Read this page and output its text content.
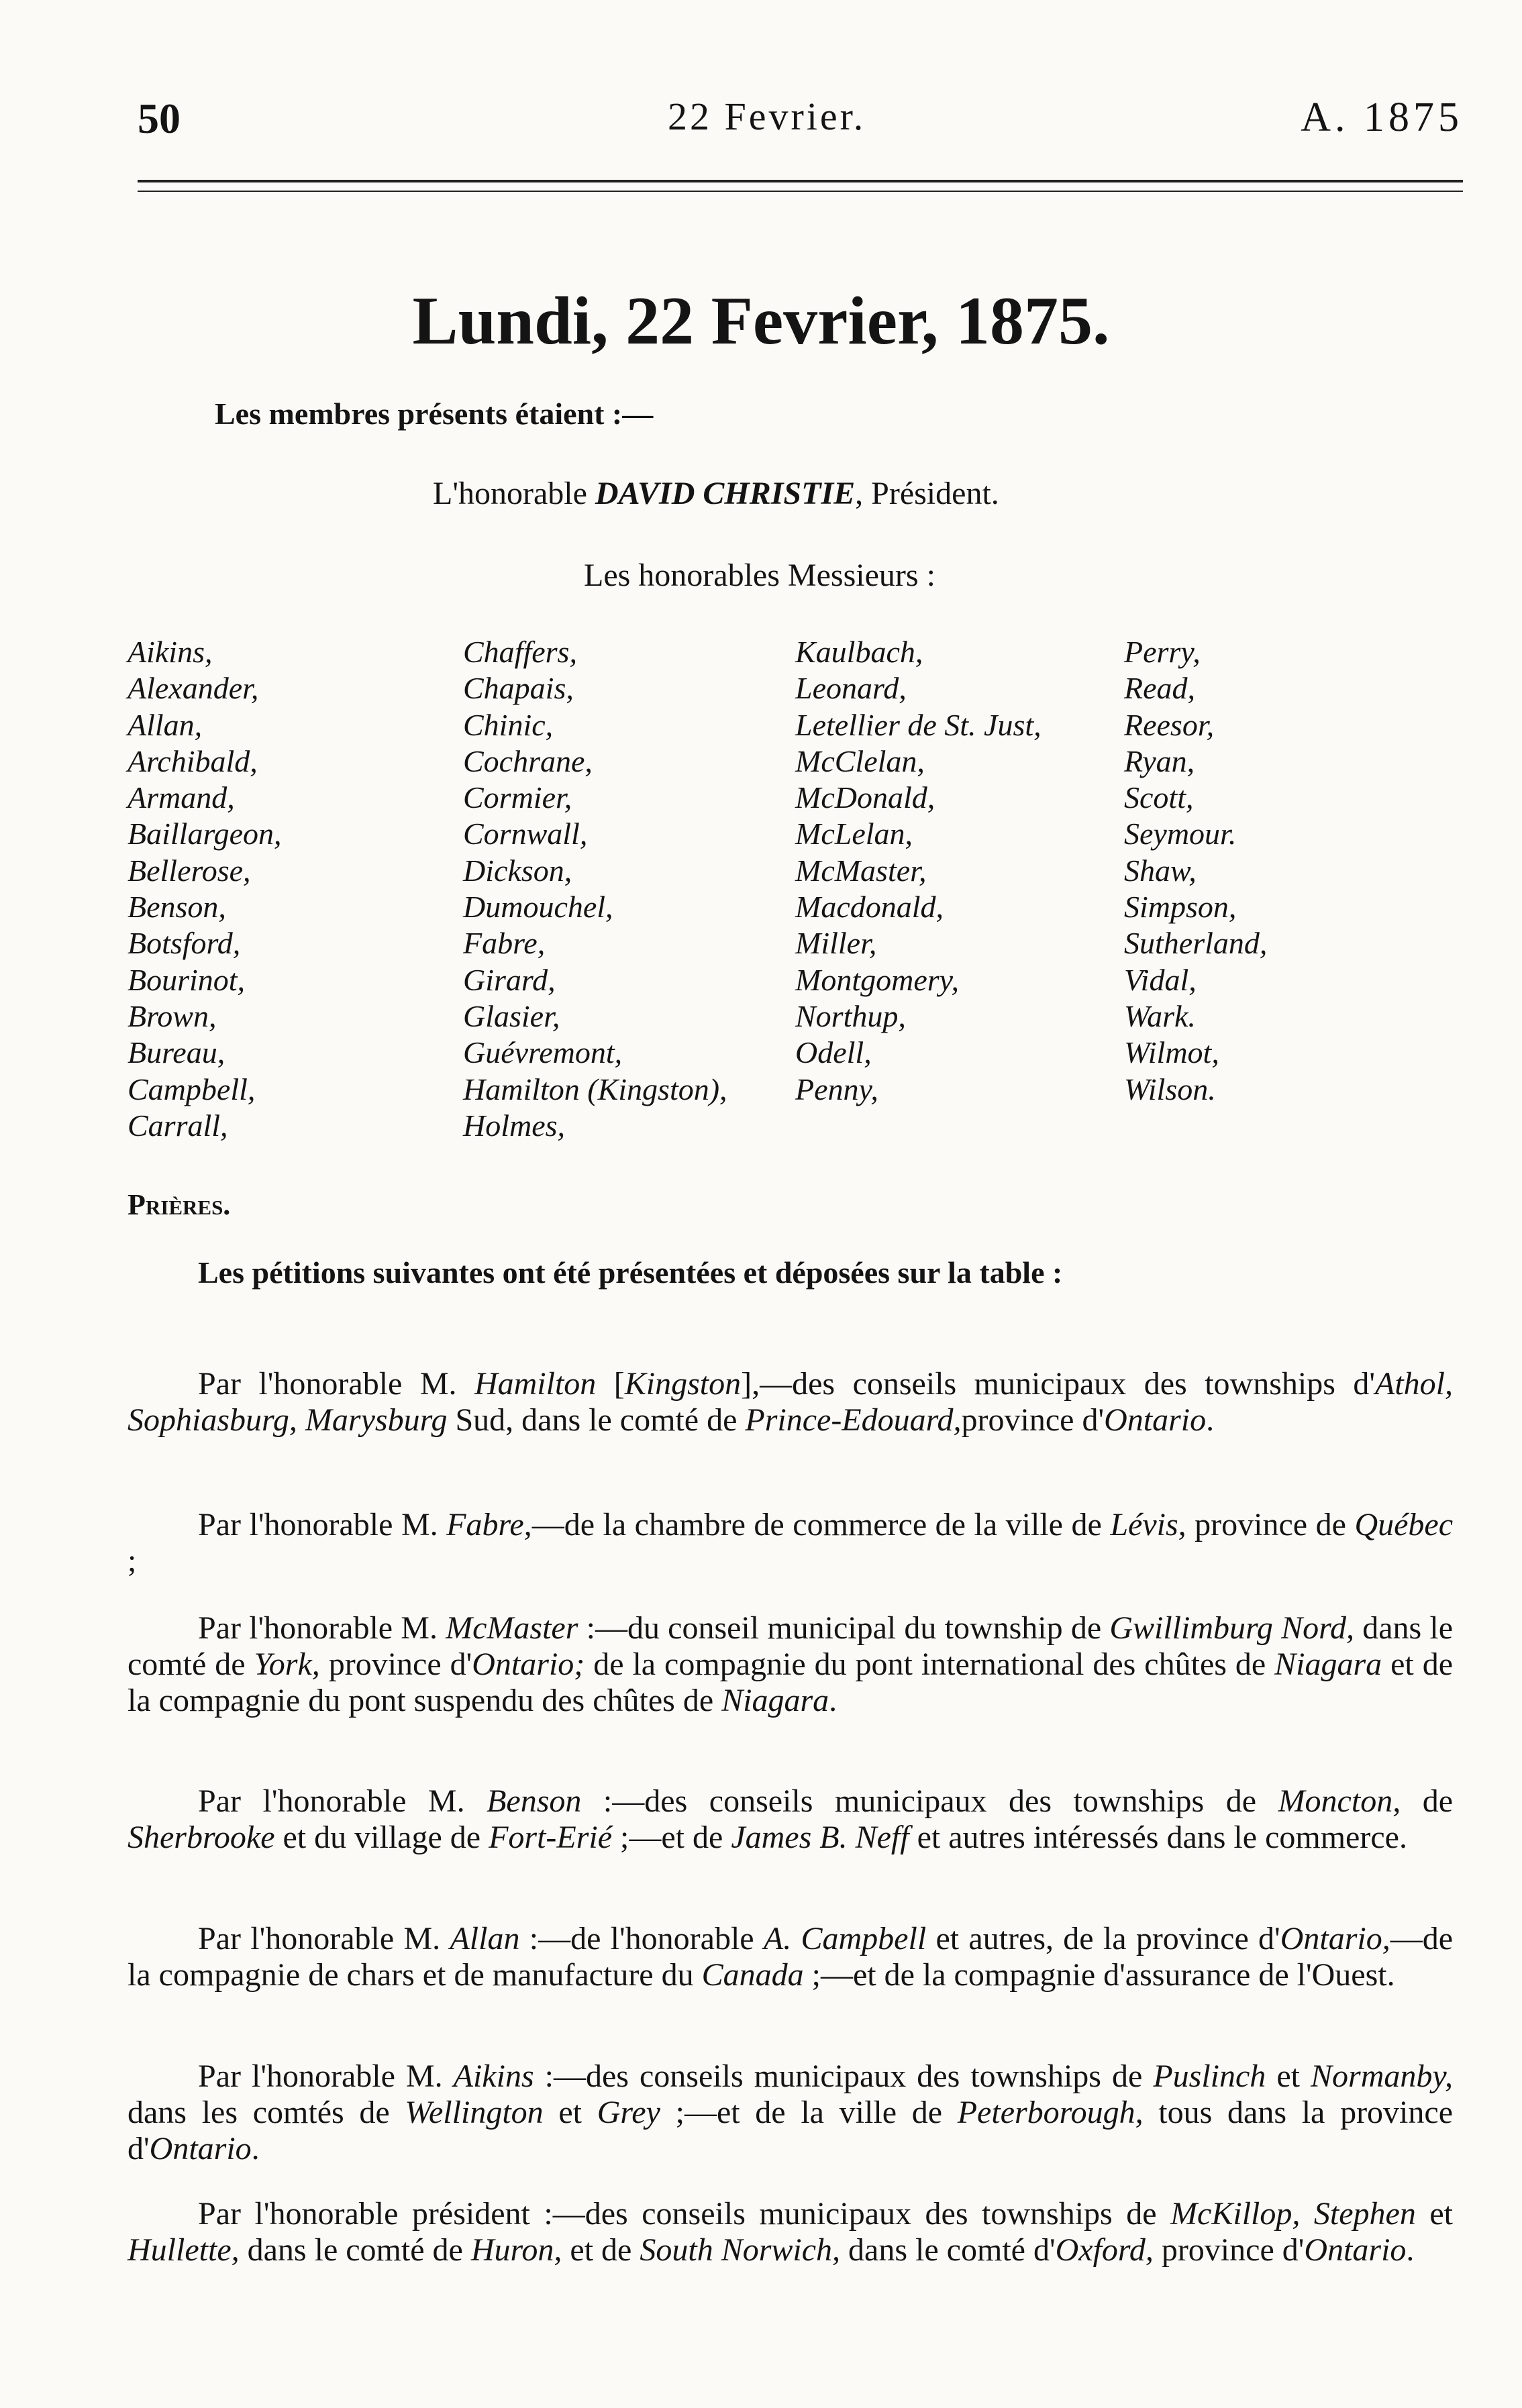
50	22 Fevrier.	A. 1875
Lundi, 22 Fevrier, 1875.
Les membres présents étaient :—
L'honorable DAVID CHRISTIE, Président.
Les honorables Messieurs :
Aikins,
Alexander,
Allan,
Archibald,
Armand,
Baillargeon,
Bellerose,
Benson,
Botsford,
Bourinot,
Brown,
Bureau,
Campbell,
Carrall,
Chaffers,
Chapais,
Chinic,
Cochrane,
Cormier,
Cornwall,
Dickson,
Dumouchel,
Fabre,
Girard,
Glasier,
Guévremont,
Hamilton (Kingston),
Holmes,
Kaulbach,
Leonard,
Letellier de St. Just,
McClelan,
McDonald,
McLelan,
McMaster,
Macdonald,
Miller,
Montgomery,
Northup,
Odell,
Penny,
Perry,
Read,
Reesor,
Ryan,
Scott,
Seymour.
Shaw,
Simpson,
Sutherland,
Vidal,
Wark.
Wilmot,
Wilson.
Prières.
Les pétitions suivantes ont été présentées et déposées sur la table :

Par l'honorable M. Hamilton [Kingston],—des conseils municipaux des townships d'Athol, Sophiasburg, Marysburg Sud, dans le comté de Prince-Edouard,province d'Ontario.

Par l'honorable M. Fabre,—de la chambre de commerce de la ville de Lévis, province de Québec ;

Par l'honorable M. McMaster :—du conseil municipal du township de Gwillimburg Nord, dans le comté de York, province d'Ontario; de la compagnie du pont international des chûtes de Niagara et de la compagnie du pont suspendu des chûtes de Niagara.

Par l'honorable M. Benson :—des conseils municipaux des townships de Moncton, de Sherbrooke et du village de Fort-Erié ;—et de James B. Neff et autres intéressés dans le commerce.

Par l'honorable M. Allan :—de l'honorable A. Campbell et autres, de la province d'Ontario,—de la compagnie de chars et de manufacture du Canada ;—et de la compagnie d'assurance de l'Ouest.

Par l'honorable M. Aikins :—des conseils municipaux des townships de Puslinch et Normanby, dans les comtés de Wellington et Grey ;—et de la ville de Peterborough, tous dans la province d'Ontario.

Par l'honorable président :—des conseils municipaux des townships de McKillop, Stephen et Hullette, dans le comté de Huron, et de South Norwich, dans le comté d'Oxford, province d'Ontario.
